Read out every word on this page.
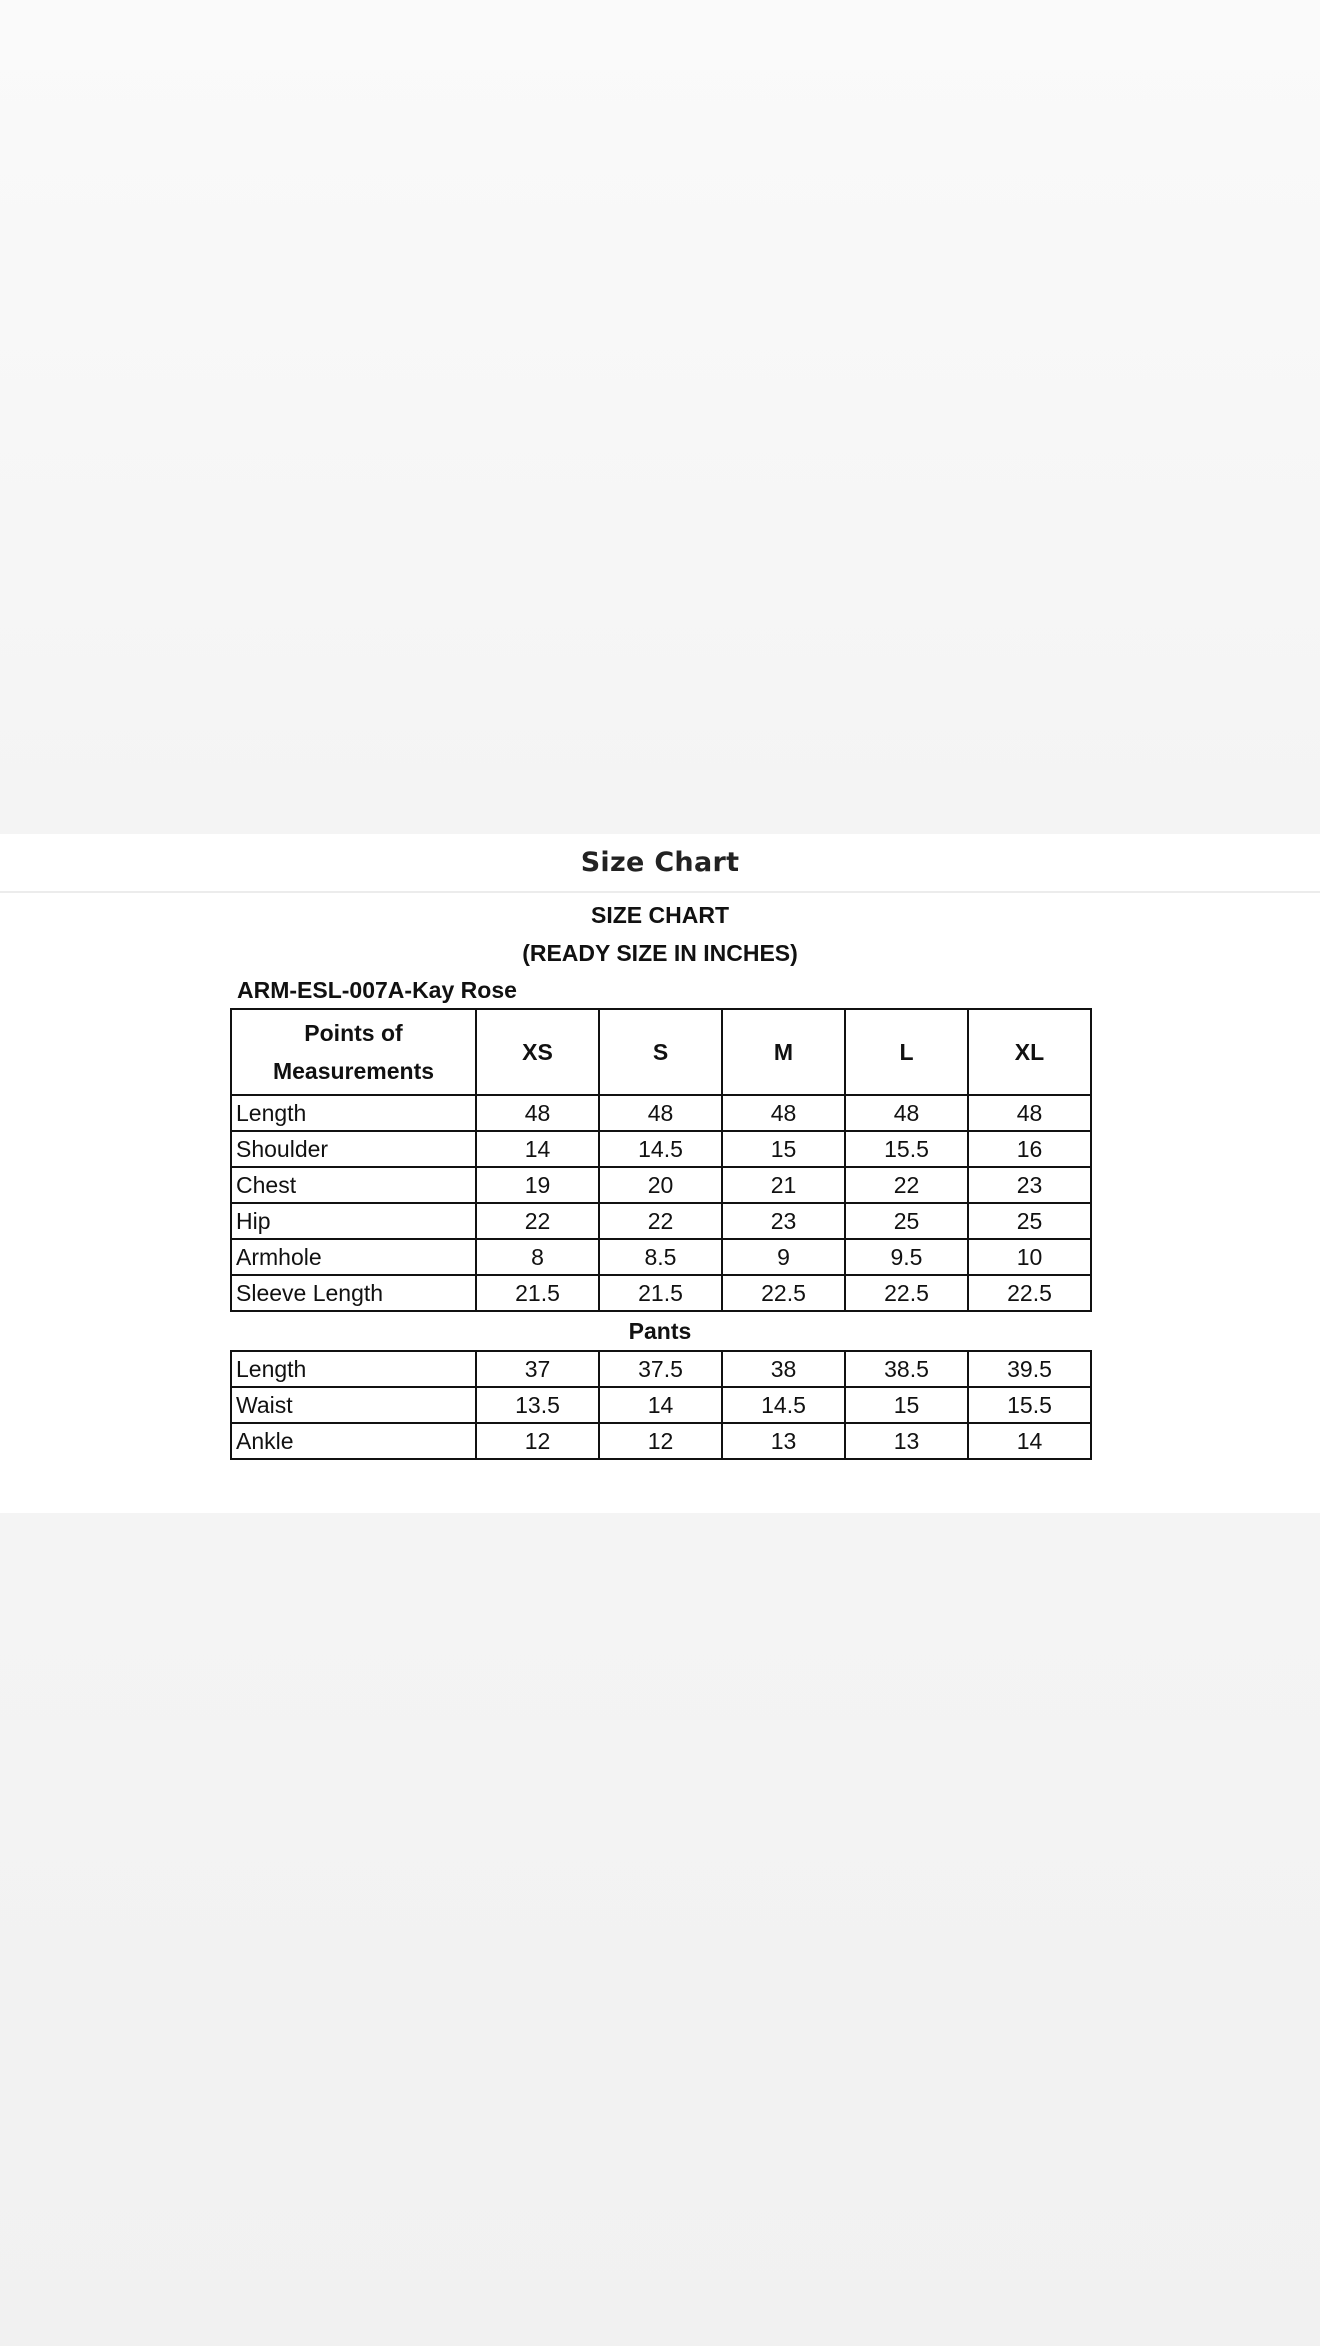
Size Chart
SIZE CHART
(READY SIZE IN INCHES)
ARM-ESL-007A-Kay Rose
Points of
Measurements	XS	S	M	L	XL
Length	48	48	48	48	48
Shoulder	14	14.5	15	15.5	16
Chest	19	20	21	22	23
Hip	22	22	23	25	25
Armhole	8	8.5	9	9.5	10
Sleeve Length	21.5	21.5	22.5	22.5	22.5
Pants
Length	37	37.5	38	38.5	39.5
Waist	13.5	14	14.5	15	15.5
Ankle	12	12	13	13	14
